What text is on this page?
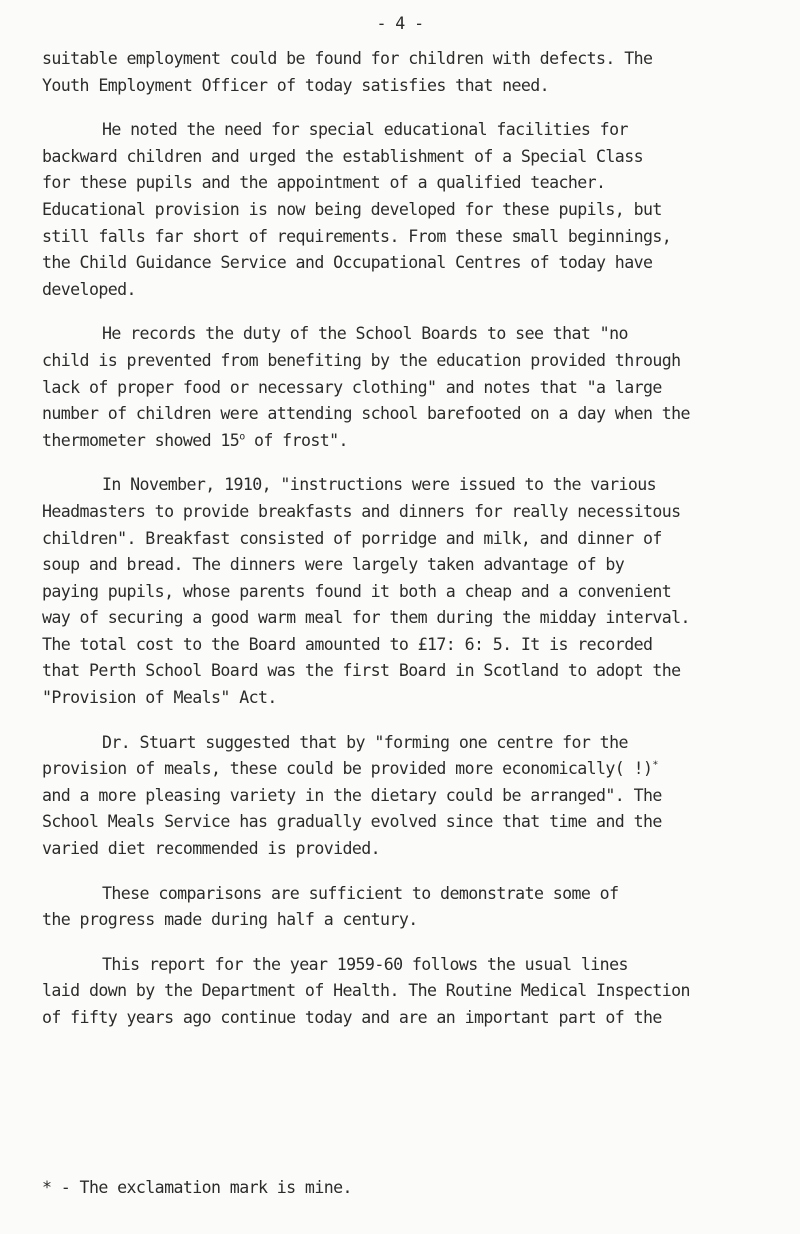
- 4 -
suitable employment could be found for children with defects. The
Youth Employment Officer of today satisfies that need.
He noted the need for special educational facilities for
backward children and urged the establishment of a Special Class
for these pupils and the appointment of a qualified teacher.
Educational provision is now being developed for these pupils, but
still falls far short of requirements. From these small beginnings,
the Child Guidance Service and Occupational Centres of today have
developed.
He records the duty of the School Boards to see that "no
child is prevented from benefiting by the education provided through
lack of proper food or necessary clothing" and notes that "a large
number of children were attending school barefooted on a day when the
thermometer showed 15$^o$ of frost".
In November, 1910, "instructions were issued to the various
Headmasters to provide breakfasts and dinners for really necessitous
children". Breakfast consisted of porridge and milk, and dinner of
soup and bread. The dinners were largely taken advantage of by
paying pupils, whose parents found it both a cheap and a convenient
way of securing a good warm meal for them during the midday interval.
The total cost to the Board amounted to £17: 6: 5. It is recorded
that Perth School Board was the first Board in Scotland to adopt the
"Provision of Meals" Act.
Dr. Stuart suggested that by "forming one centre for the
provision of meals, these could be provided more economically( !)*
and a more pleasing variety in the dietary could be arranged". The
School Meals Service has gradually evolved since that time and the
varied diet recommended is provided.
These comparisons are sufficient to demonstrate some of
the progress made during half a century.
This report for the year 1959-60 follows the usual lines
laid down by the Department of Health. The Routine Medical Inspection
of fifty years ago continue today and are an important part of the
* - The exclamation mark is mine.
